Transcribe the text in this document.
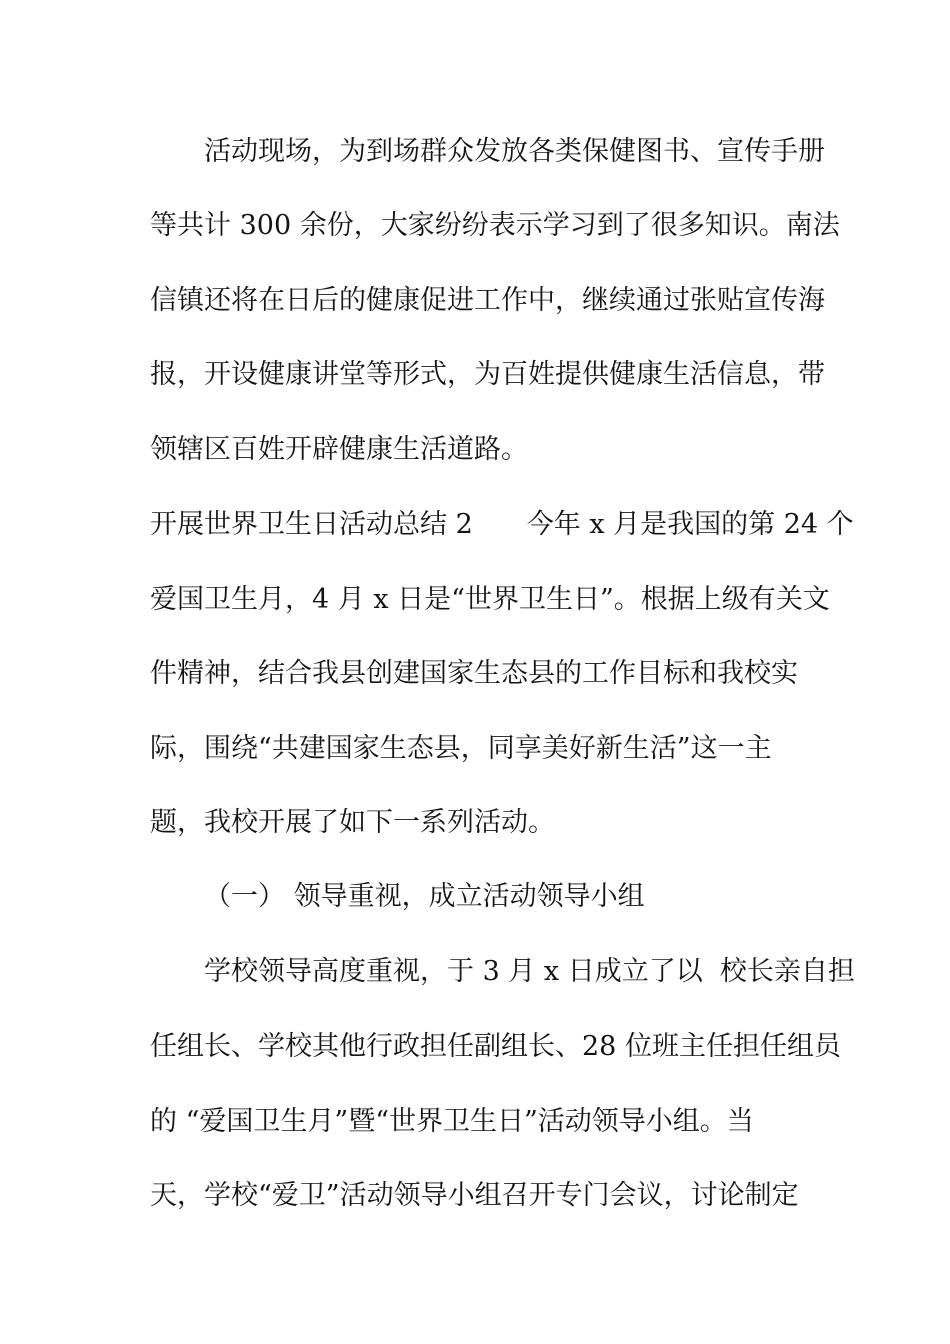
活动现场，为到场群众发放各类保健图书、宣传手册
等共计 300 余份，大家纷纷表示学习到了很多知识。南法
信镇还将在日后的健康促进工作中，继续通过张贴宣传海
报，开设健康讲堂等形式，为百姓提供健康生活信息，带
领辖区百姓开辟健康生活道路。
开展世界卫生日活动总结 2　　今年 x 月是我国的第 24 个
爱国卫生月，4 月 x 日是“世界卫生日”。根据上级有关文
件精神，结合我县创建国家生态县的工作目标和我校实
际，围绕“共建国家生态县，同享美好新生活”这一主
题，我校开展了如下一系列活动。
（一） 领导重视，成立活动领导小组
学校领导高度重视，于 3 月 x 日成立了以  校长亲自担
任组长、学校其他行政担任副组长、28 位班主任担任组员
的 “爱国卫生月”暨“世界卫生日”活动领导小组。当
天，学校“爱卫”活动领导小组召开专门会议，讨论制定
